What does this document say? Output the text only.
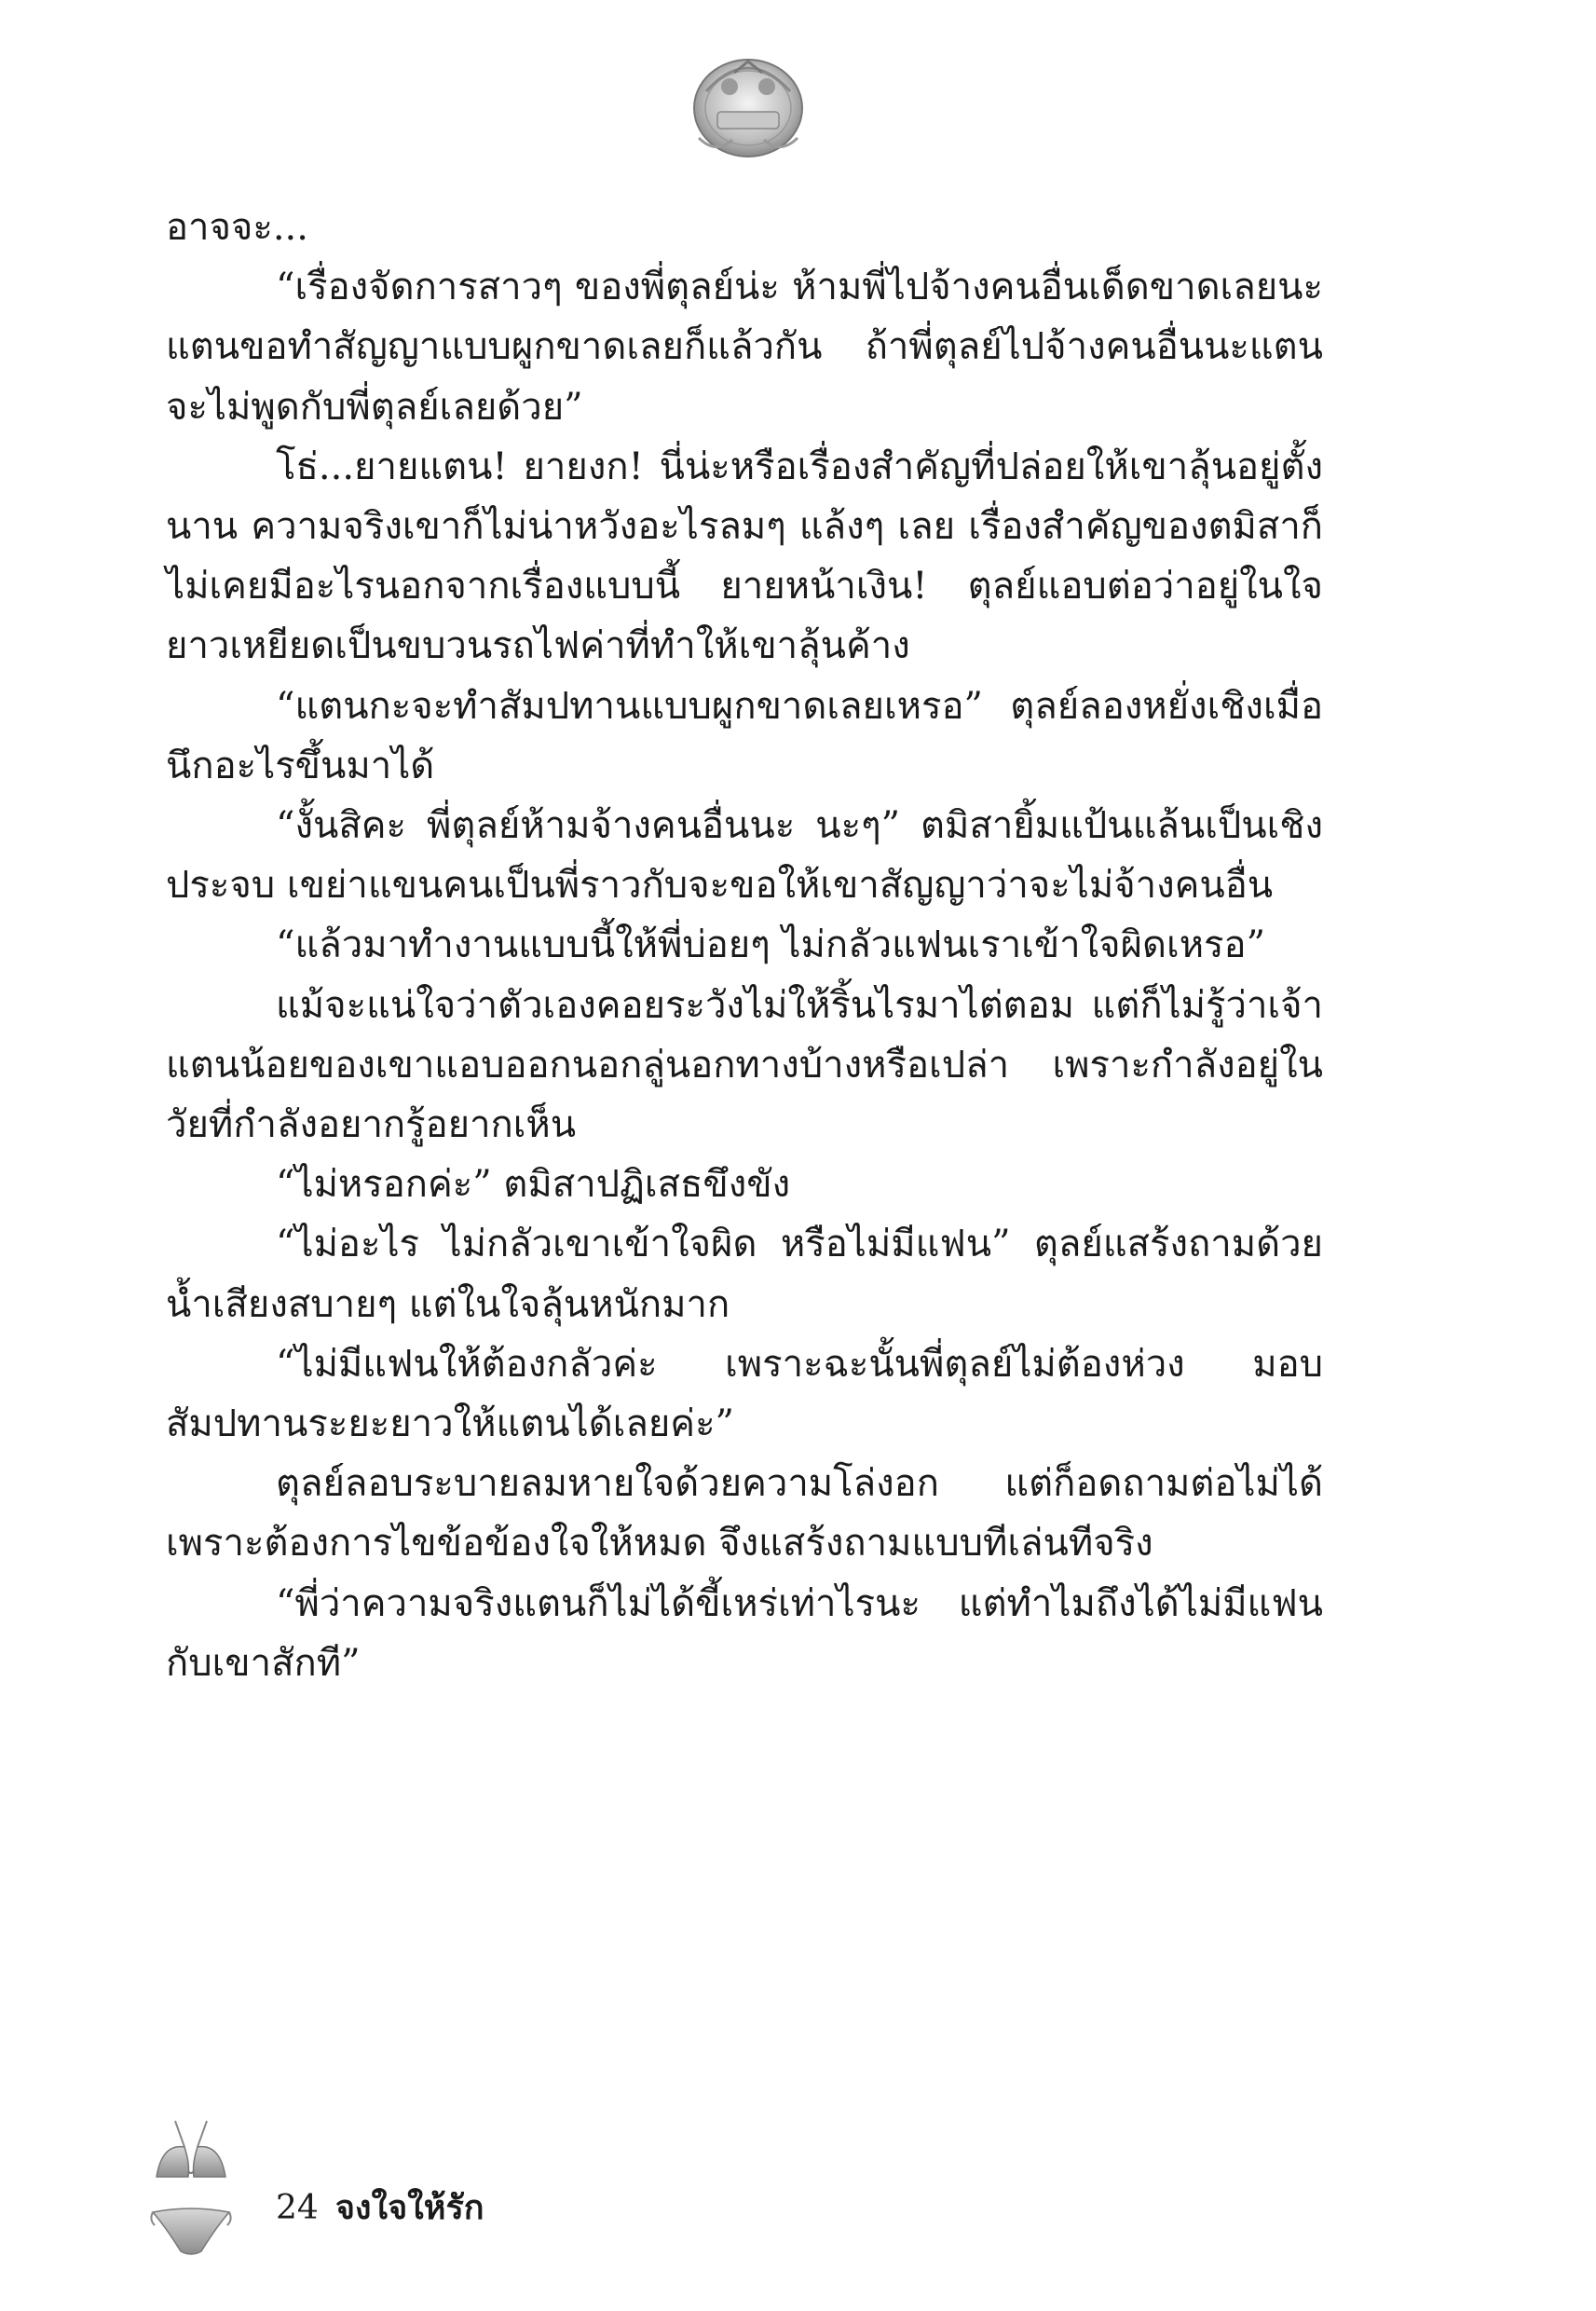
อาจจะ...

“เรื่องจัดการสาวๆ ของพี่ตุลย์น่ะ ห้ามพี่ไปจ้างคนอื่นเด็ดขาดเลยนะ แตนขอทำสัญญาแบบผูกขาดเลยก็แล้วกัน ถ้าพี่ตุลย์ไปจ้างคนอื่นนะแตนจะไม่พูดกับพี่ตุลย์เลยด้วย”

โธ่...ยายแตน! ยายงก! นี่น่ะหรือเรื่องสำคัญที่ปล่อยให้เขาลุ้นอยู่ตั้งนาน ความจริงเขาก็ไม่น่าหวังอะไรลมๆ แล้งๆ เลย เรื่องสำคัญของตมิสาก็ไม่เคยมีอะไรนอกจากเรื่องแบบนี้ ยายหน้าเงิน! ตุลย์แอบต่อว่าอยู่ในใจยาวเหยียดเป็นขบวนรถไฟค่าที่ทำให้เขาลุ้นค้าง

“แตนกะจะทำสัมปทานแบบผูกขาดเลยเหรอ” ตุลย์ลองหยั่งเชิงเมื่อนึกอะไรขึ้นมาได้

“งั้นสิคะ พี่ตุลย์ห้ามจ้างคนอื่นนะ นะๆ” ตมิสายิ้มแป้นแล้นเป็นเชิงประจบ เขย่าแขนคนเป็นพี่ราวกับจะขอให้เขาสัญญาว่าจะไม่จ้างคนอื่น

“แล้วมาทำงานแบบนี้ให้พี่บ่อยๆ ไม่กลัวแฟนเราเข้าใจผิดเหรอ”

แม้จะแน่ใจว่าตัวเองคอยระวังไม่ให้ริ้นไรมาไต่ตอม แต่ก็ไม่รู้ว่าเจ้าแตนน้อยของเขาแอบออกนอกลู่นอกทางบ้างหรือเปล่า เพราะกำลังอยู่ในวัยที่กำลังอยากรู้อยากเห็น

“ไม่หรอกค่ะ” ตมิสาปฏิเสธขึงขัง

“ไม่อะไร ไม่กลัวเขาเข้าใจผิด หรือไม่มีแฟน” ตุลย์แสร้งถามด้วยน้ำเสียงสบายๆ แต่ในใจลุ้นหนักมาก

“ไม่มีแฟนให้ต้องกลัวค่ะ เพราะฉะนั้นพี่ตุลย์ไม่ต้องห่วง มอบสัมปทานระยะยาวให้แตนได้เลยค่ะ”

ตุลย์ลอบระบายลมหายใจด้วยความโล่งอก แต่ก็อดถามต่อไม่ได้เพราะต้องการไขข้อข้องใจให้หมด จึงแสร้งถามแบบทีเล่นทีจริง

“พี่ว่าความจริงแตนก็ไม่ได้ขี้เหร่เท่าไรนะ แต่ทำไมถึงได้ไม่มีแฟนกับเขาสักที”

24 จงใจให้รัก
